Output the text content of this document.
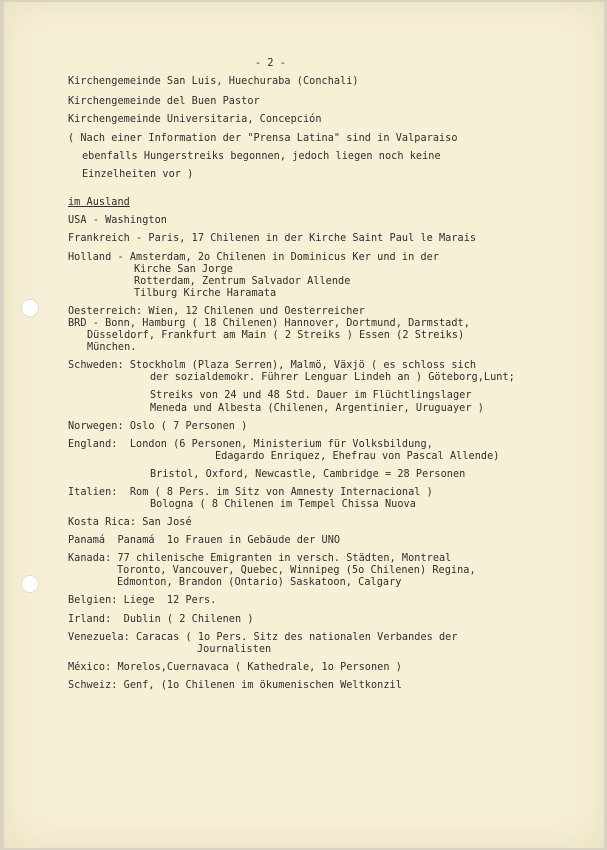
- 2 -
Kirchengemeinde San Luis, Huechuraba (Conchali)
Kirchengemeinde del Buen Pastor
Kirchengemeinde Universitaria, Concepción
( Nach einer Information der "Prensa Latina" sind in Valparaiso
ebenfalls Hungerstreiks begonnen, jedoch liegen noch keine
Einzelheiten vor )
im Ausland
USA - Washington
Frankreich - Paris, 17 Chilenen in der Kirche Saint Paul le Marais
Holland - Amsterdam, 2o Chilenen in Dominicus Ker und in der
Kirche San Jorge
Rotterdam, Zentrum Salvador Allende
Tilburg Kirche Haramata
Oesterreich: Wien, 12 Chilenen und Oesterreicher
BRD - Bonn, Hamburg ( 18 Chilenen) Hannover, Dortmund, Darmstadt,
Düsseldorf, Frankfurt am Main ( 2 Streiks ) Essen (2 Streiks)
München.
Schweden: Stockholm (Plaza Serren), Malmö, Växjö ( es schloss sich
der sozialdemokr. Führer Lenguar Lindeh an ) Göteborg,Lunt;
Streiks von 24 und 48 Std. Dauer im Flüchtlingslager
Meneda und Albesta (Chilenen, Argentinier, Uruguayer )
Norwegen: Oslo ( 7 Personen )
England:  London (6 Personen, Ministerium für Volksbildung,
Edagardo Enriquez, Ehefrau von Pascal Allende)
Bristol, Oxford, Newcastle, Cambridge = 28 Personen
Italien:  Rom ( 8 Pers. im Sitz von Amnesty Internacional )
Bologna ( 8 Chilenen im Tempel Chissa Nuova
Kosta Rica: San José
Panamá  Panamá  1o Frauen in Gebäude der UNO
Kanada: 77 chilenische Emigranten in versch. Städten, Montreal
Toronto, Vancouver, Quebec, Winnipeg (5o Chilenen) Regina,
Edmonton, Brandon (Ontario) Saskatoon, Calgary
Belgien: Liege  12 Pers.
Irland:  Dublin ( 2 Chilenen )
Venezuela: Caracas ( 1o Pers. Sitz des nationalen Verbandes der
Journalisten
México: Morelos,Cuernavaca ( Kathedrale, 1o Personen )
Schweiz: Genf, (1o Chilenen im ökumenischen Weltkonzil
